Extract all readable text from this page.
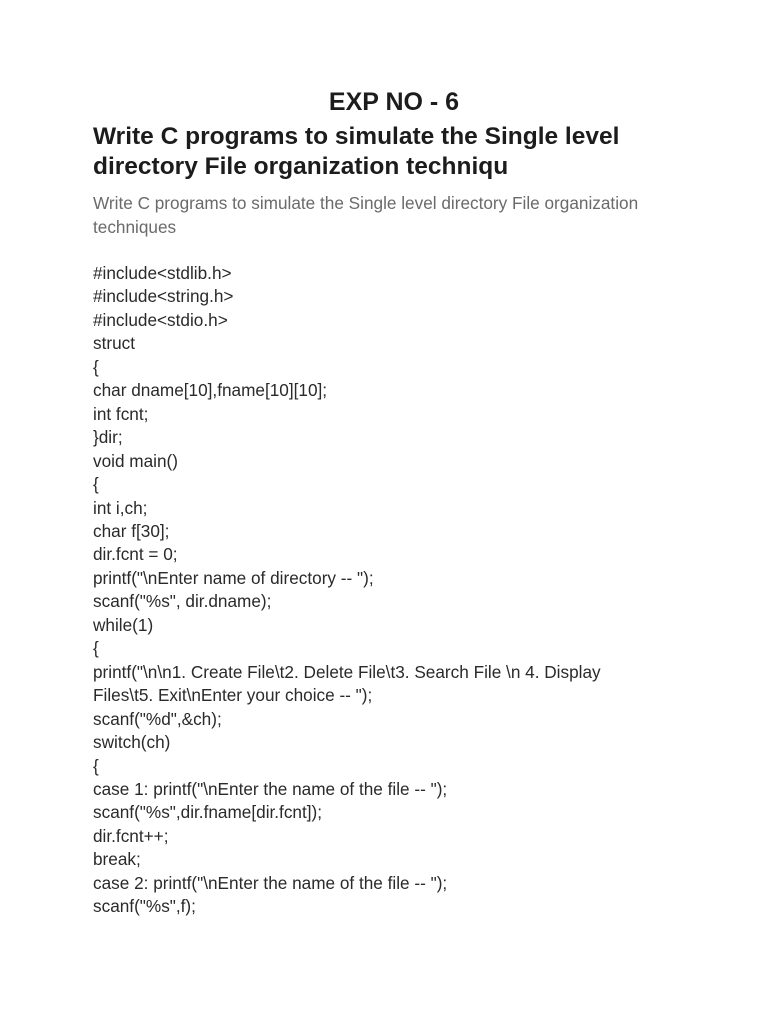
EXP NO - 6
Write C programs to simulate the Single level
directory File organization techniqu
Write C programs to simulate the Single level directory File organization
techniques
#include<stdlib.h>
#include<string.h>
#include<stdio.h>
struct
{
char dname[10],fname[10][10];
int fcnt;
}dir;
void main()
{
int i,ch;
char f[30];
dir.fcnt = 0;
printf("\nEnter name of directory -- ");
scanf("%s", dir.dname);
while(1)
{
printf("\n\n1. Create File\t2. Delete File\t3. Search File \n 4. Display
Files\t5. Exit\nEnter your choice -- ");
scanf("%d",&ch);
switch(ch)
{
case 1: printf("\nEnter the name of the file -- ");
scanf("%s",dir.fname[dir.fcnt]);
dir.fcnt++;
break;
case 2: printf("\nEnter the name of the file -- ");
scanf("%s",f);
